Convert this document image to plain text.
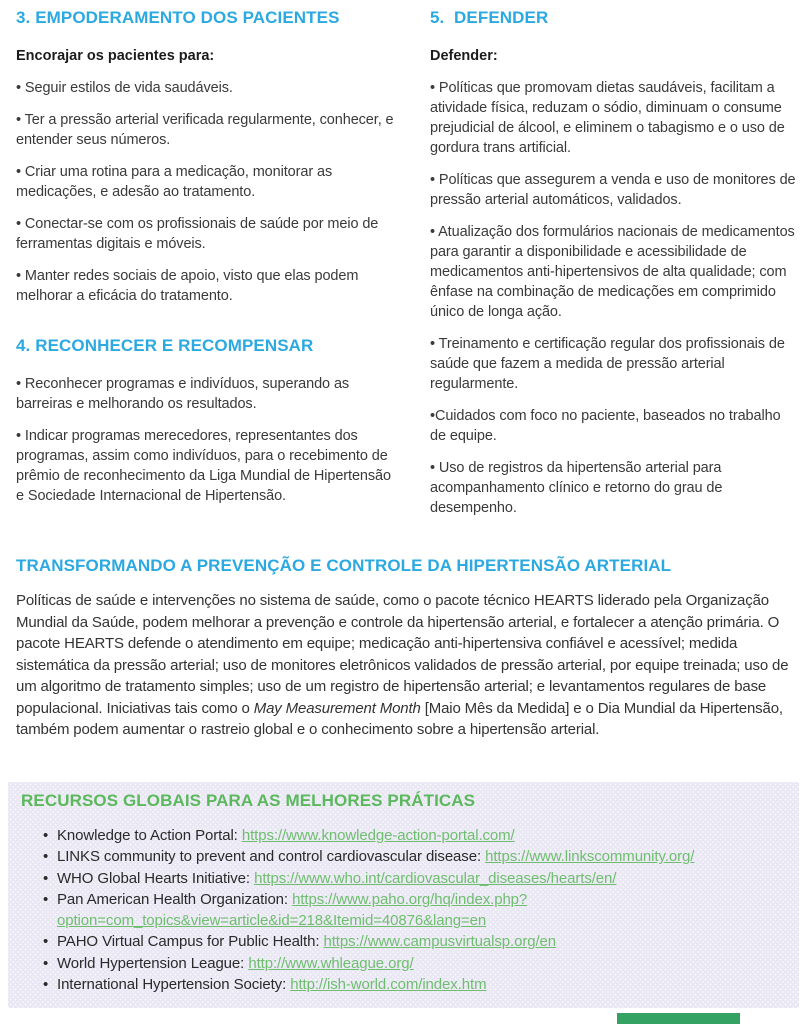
3. EMPODERAMENTO DOS PACIENTES

Encorajar os pacientes para:

• Seguir estilos de vida saudáveis.

• Ter a pressão arterial verificada regularmente, conhecer, e entender seus números.

• Criar uma rotina para a medicação, monitorar as medicações, e adesão ao tratamento.

• Conectar-se com os profissionais de saúde por meio de ferramentas digitais e móveis.

• Manter redes sociais de apoio, visto que elas podem melhorar a eficácia do tratamento.

4. RECONHECER E RECOMPENSAR

• Reconhecer programas e indivíduos, superando as barreiras e melhorando os resultados.

• Indicar programas merecedores, representantes dos programas, assim como indivíduos, para o recebimento de prêmio de reconhecimento da Liga Mundial de Hipertensão e Sociedade Internacional de Hipertensão.

5.  DEFENDER

Defender:

• Políticas que promovam dietas saudáveis, facilitam a atividade física, reduzam o sódio, diminuam o consume prejudicial de álcool, e eliminem o tabagismo e o uso de gordura trans artificial.

• Políticas que assegurem a venda e uso de monitores de pressão arterial automáticos, validados.

• Atualização dos formulários nacionais de medicamentos para garantir a disponibilidade e acessibilidade de medicamentos anti-hipertensivos de alta qualidade; com ênfase na combinação de medicações em comprimido único de longa ação.

• Treinamento e certificação regular dos profissionais de saúde que fazem a medida de pressão arterial regularmente.

•Cuidados com foco no paciente, baseados no trabalho de equipe.

• Uso de registros da hipertensão arterial para acompanhamento clínico e retorno do grau de desempenho.

TRANSFORMANDO A PREVENÇÃO E CONTROLE DA HIPERTENSÃO ARTERIAL

Políticas de saúde e intervenções no sistema de saúde, como o pacote técnico HEARTS liderado pela Organização Mundial da Saúde, podem melhorar a prevenção e controle da hipertensão arterial, e fortalecer a atenção primária. O pacote HEARTS defende o atendimento em equipe; medicação anti-hipertensiva confiável e acessível; medida sistemática da pressão arterial; uso de monitores eletrônicos validados de pressão arterial, por equipe treinada; uso de um algoritmo de tratamento simples; uso de um registro de hipertensão arterial; e levantamentos regulares de base populacional. Iniciativas tais como o May Measurement Month [Maio Mês da Medida] e o Dia Mundial da Hipertensão, também podem aumentar o rastreio global e o conhecimento sobre a hipertensão arterial.

RECURSOS GLOBAIS PARA AS MELHORES PRÁTICAS
• Knowledge to Action Portal: https://www.knowledge-action-portal.com/
• LINKS community to prevent and control cardiovascular disease: https://www.linkscommunity.org/
• WHO Global Hearts Initiative: https://www.who.int/cardiovascular_diseases/hearts/en/
• Pan American Health Organization: https://www.paho.org/hq/index.php?option=com_topics&view=article&id=218&Itemid=40876&lang=en
• PAHO Virtual Campus for Public Health: https://www.campusvirtualsp.org/en
• World Hypertension League: http://www.whleague.org/
• International Hypertension Society: http://ish-world.com/index.htm
